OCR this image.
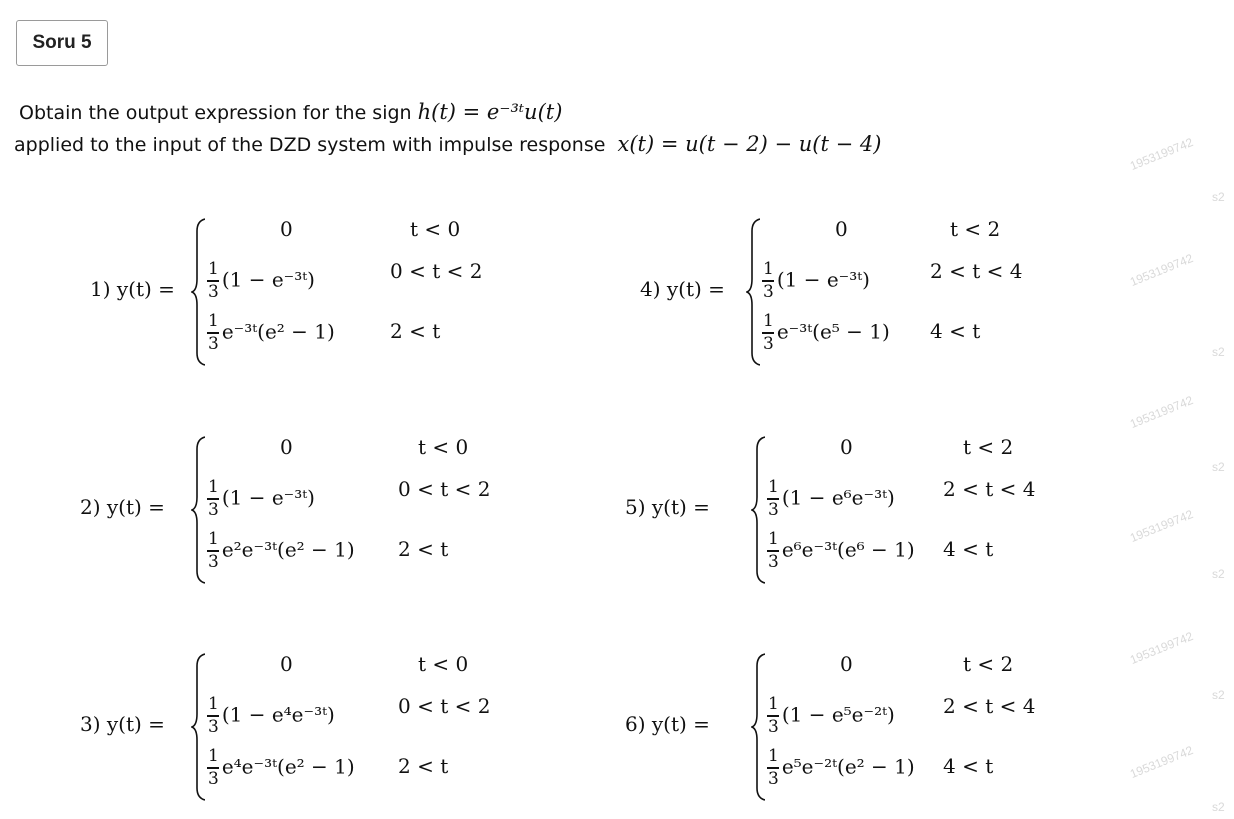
1953199742
1953199742
1953199742
1953199742
1953199742
1953199742
s2
s2
s2
s2
s2
s2
Soru 5
Obtain the output expression for the sign h(t) = e⁻³ᵗu(t)
applied to the input of the DZD system with impulse response x(t) = u(t − 2) − u(t − 4)
1) y(t) =
0	t < 0
$\frac{1}{3} (1$ − e⁻³ᵗ)	0 < t < 2
$\frac{1}{3}$ e⁻³ᵗ(e² − 1)	2 < t
2) y(t) =
0	t < 0
$\frac{1}{3} (1$ − e⁻³ᵗ)	0 < t < 2
$\frac{1}{3}$ e²e⁻³ᵗ(e² − 1) 2 < t
3) y(t) =
0	t < 0
$\frac{1}{3} (1$ − e⁴e⁻³ᵗ)	0 < t < 2
$\frac{1}{3}$ e⁴e⁻³ᵗ(e² − 1) 2 < t
4) y(t) =
0	t < 2
$\frac{1}{3} (1$ − e⁻³ᵗ)	2 < t < 4
$\frac{1}{3}$ e⁻³ᵗ(e⁵ − 1) 4 < t
5) y(t) =
0	t < 2
$\frac{1}{3} (1$ − e⁶e⁻³ᵗ) 2 < t < 4
$\frac{1}{3}$ e⁶e⁻³ᵗ(e⁶ − 1) 4 < t
6) y(t) =
0	t < 2
$\frac{1}{3} (1$ − e⁵e⁻²ᵗ) 2 < t < 4
$\frac{1}{3}$ e⁵e⁻²ᵗ(e² − 1) 4 < t
